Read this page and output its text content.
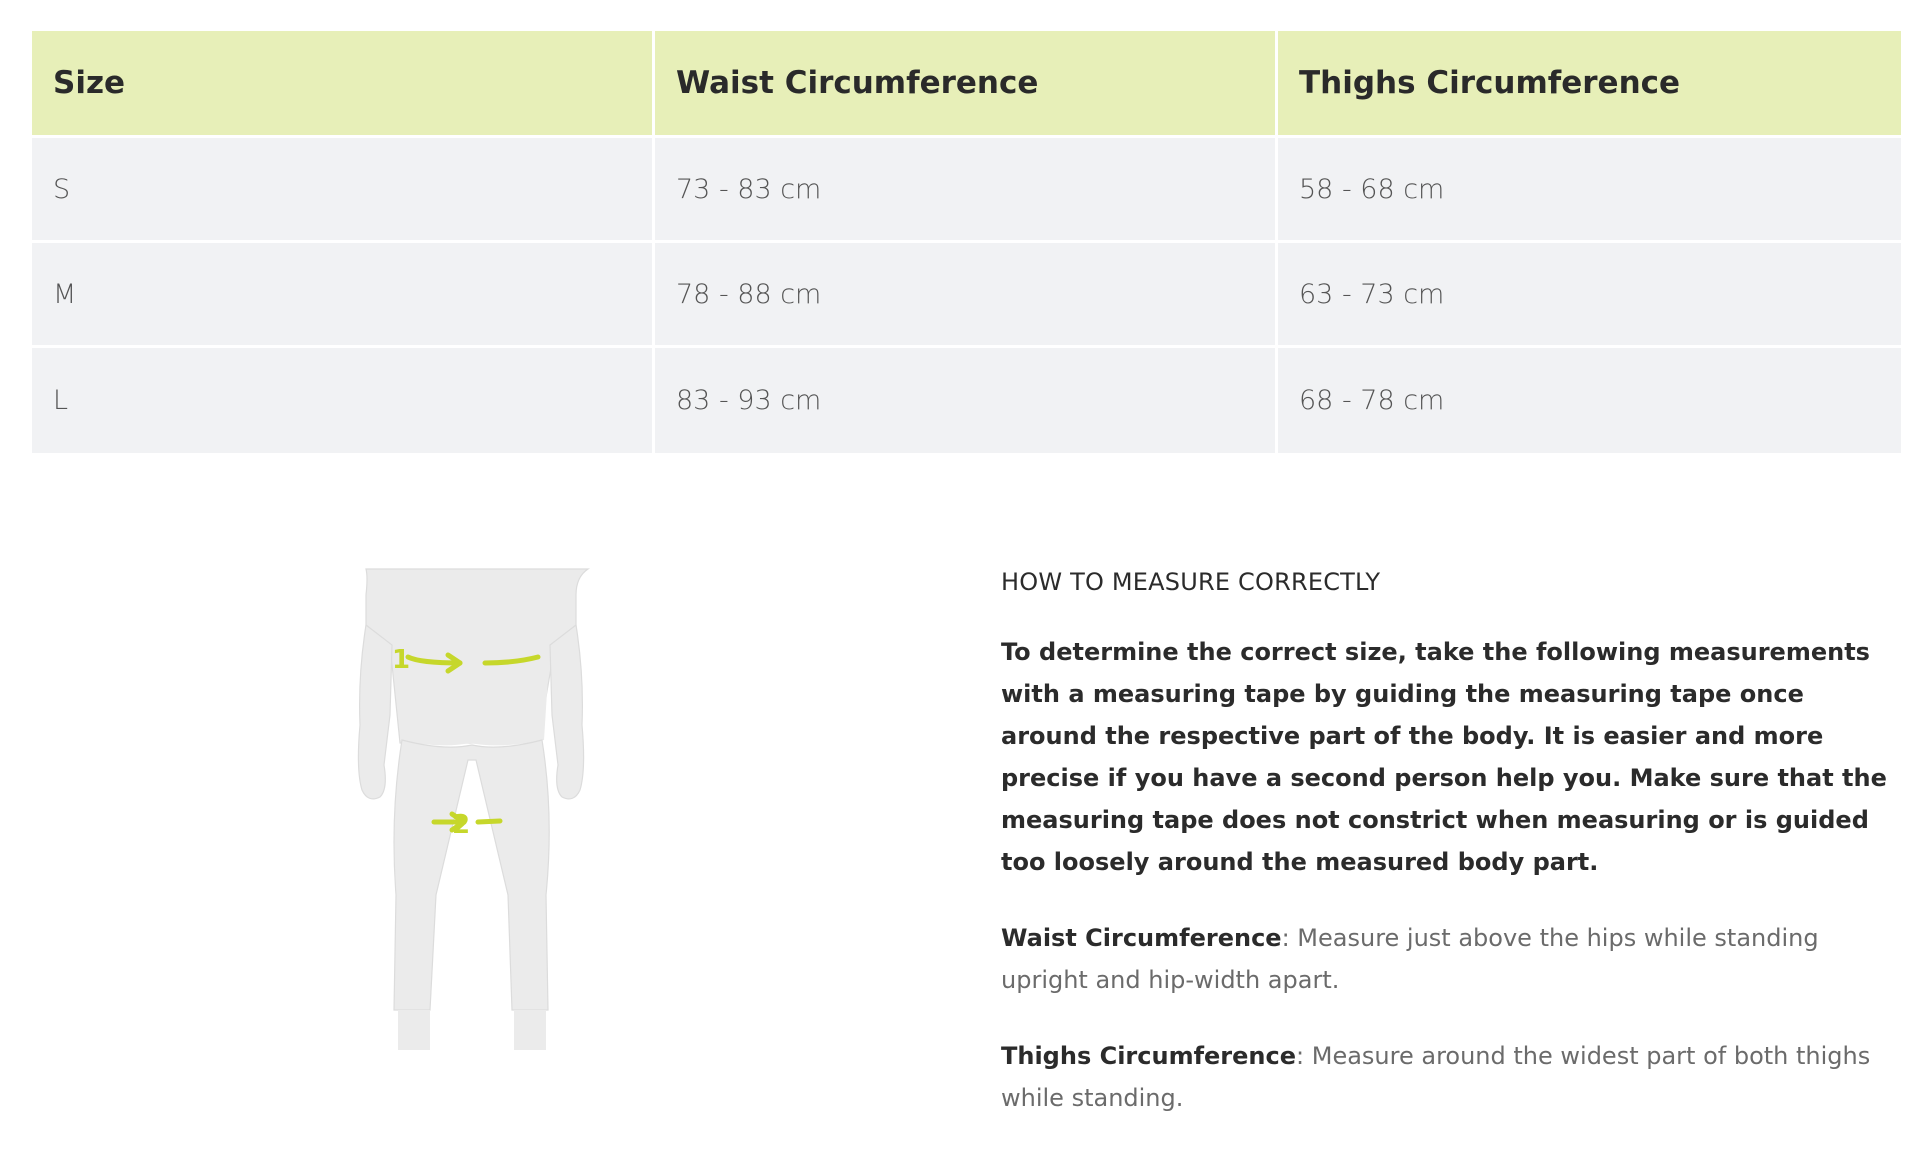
Size	Waist Circumference	Thighs Circumference
S	73 - 83 cm	58 - 68 cm
M	78 - 88 cm	63 - 73 cm
L	83 - 93 cm	68 - 78 cm
1
2
HOW TO MEASURE CORRECTLY

To determine the correct size, take the following measurements with a measuring tape by guiding the measuring tape once around the respective part of the body. It is easier and more precise if you have a second person help you. Make sure that the measuring tape does not constrict when measuring or is guided too loosely around the measured body part.

Waist Circumference: Measure just above the hips while standing upright and hip-width apart.

Thighs Circumference: Measure around the widest part of both thighs while standing.
